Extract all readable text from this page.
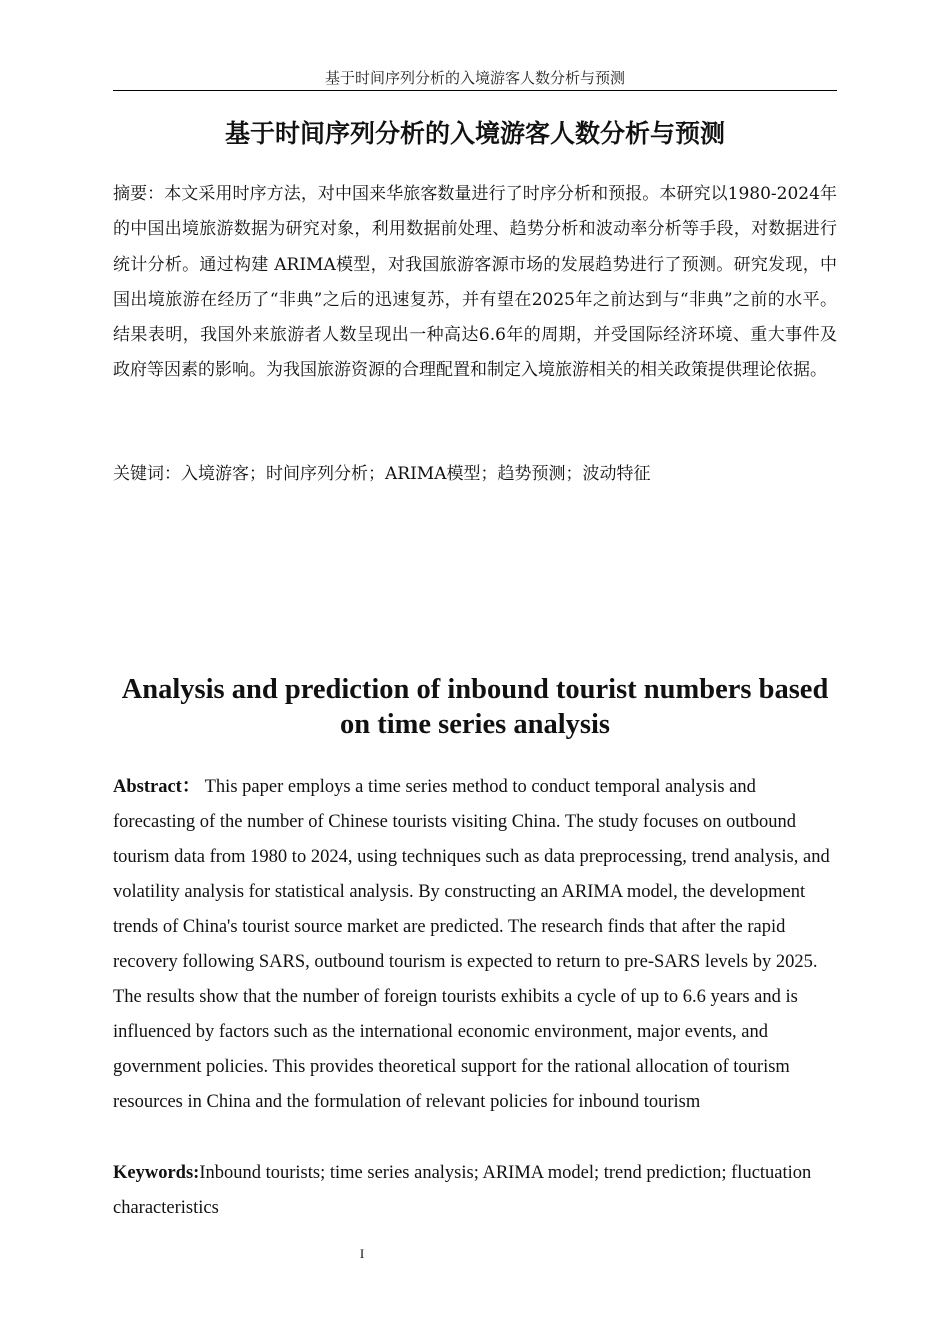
基于时间序列分析的入境游客人数分析与预测
基于时间序列分析的入境游客人数分析与预测
摘要：本文采用时序方法，对中国来华旅客数量进行了时序分析和预报。本研究以1980-2024年的中国出境旅游数据为研究对象，利用数据前处理、趋势分析和波动率分析等手段，对数据进行统计分析。通过构建 ARIMA模型，对我国旅游客源市场的发展趋势进行了预测。研究发现，中国出境旅游在经历了“非典”之后的迅速复苏，并有望在2025年之前达到与“非典”之前的水平。结果表明，我国外来旅游者人数呈现出一种高达6.6年的周期，并受国际经济环境、重大事件及政府等因素的影响。为我国旅游资源的合理配置和制定入境旅游相关的相关政策提供理论依据。
关键词：入境游客；时间序列分析；ARIMA模型；趋势预测；波动特征
Analysis and prediction of inbound tourist numbers based on time series analysis
Abstract： This paper employs a time series method to conduct temporal analysis and forecasting of the number of Chinese tourists visiting China. The study focuses on outbound tourism data from 1980 to 2024, using techniques such as data preprocessing, trend analysis, and volatility analysis for statistical analysis. By constructing an ARIMA model, the development trends of China's tourist source market are predicted. The research finds that after the rapid recovery following SARS, outbound tourism is expected to return to pre-SARS levels by 2025. The results show that the number of foreign tourists exhibits a cycle of up to 6.6 years and is influenced by factors such as the international economic environment, major events, and government policies. This provides theoretical support for the rational allocation of tourism resources in China and the formulation of relevant policies for inbound tourism
Keywords:Inbound tourists; time series analysis; ARIMA model; trend prediction; fluctuation characteristics
I
